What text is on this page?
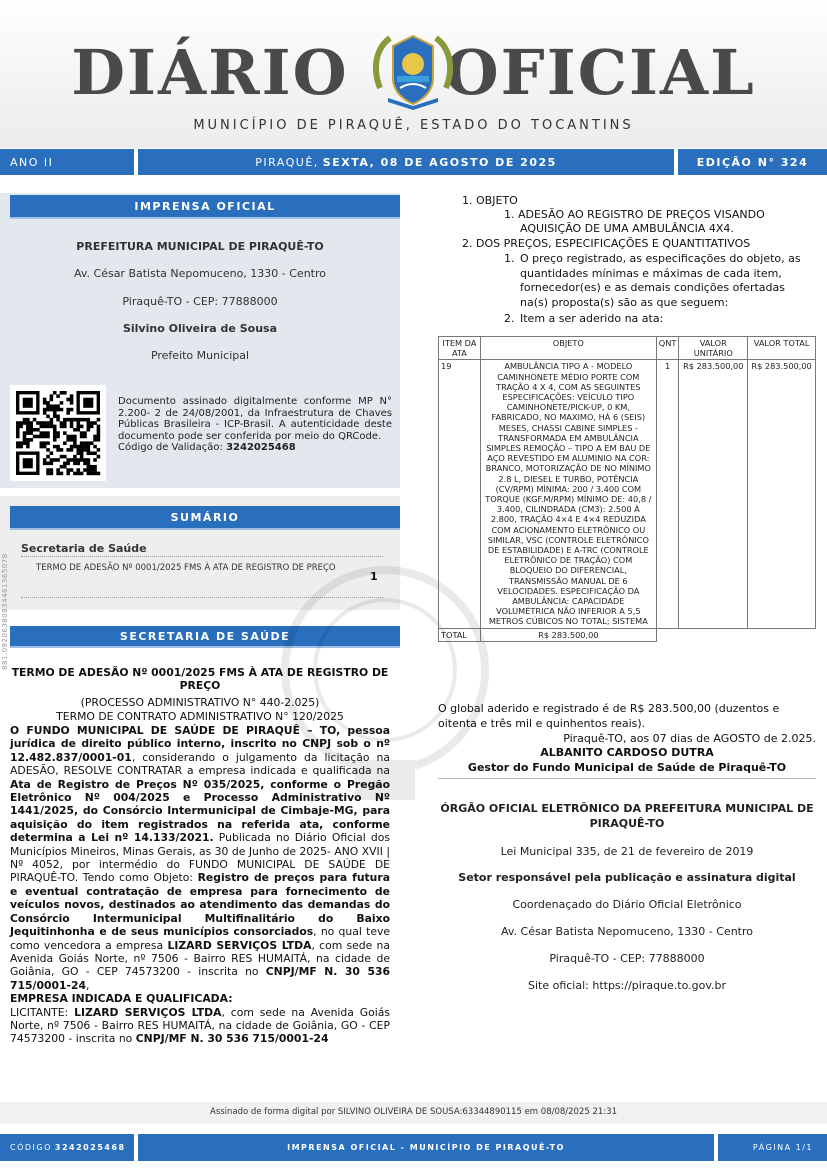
DIÁRIO OFICIAL
MUNICÍPIO DE PIRAQUÊ, ESTADO DO TOCANTINS
ANO II	PIRAQUÊ, SEXTA, 08 DE AGOSTO DE 2025	EDIÇÃO N° 324
IMPRENSA OFICIAL
PREFEITURA MUNICIPAL DE PIRAQUÊ-TO
Av. César Batista Nepomuceno, 1330 - Centro
Piraquê-TO - CEP: 77888000
Silvino Oliveira de Sousa
Prefeito Municipal
Documento assinado digitalmente conforme MP N° 2.200- 2 de 24/08/2001, da Infraestrutura de Chaves Públicas Brasileira - ICP-Brasil. A autenticidade deste documento pode ser conferida por meio do QRCode.
Código de Validação: 3242025468
SUMÁRIO
Secretaria de Saúde
TERMO DE ADESÃO Nº 0001/2025 FMS À ATA DE REGISTRO DE PREÇO
1
881.09206380834461365078	SECRETARIA DE SAÚDE
TERMO DE ADESÃO Nº 0001/2025 FMS À ATA DE REGISTRO DE PREÇO
(PROCESSO ADMINISTRATIVO N° 440-2.025)
TERMO DE CONTRATO ADMINISTRATIVO N° 120/2025
O FUNDO MUNICIPAL DE SAÚDE DE PIRAQUÊ – TO, pessoa jurídica de direito público interno, inscrito no CNPJ sob o nº 12.482.837/0001-01, considerando o julgamento da licitação na ADESÃO, RESOLVE CONTRATAR a empresa indicada e qualificada na Ata de Registro de Preços Nº 035/2025, conforme o Pregão Eletrônico Nº 004/2025 e Processo Administrativo Nº 1441/2025, do Consórcio Intermunicipal de Cimbaje-MG, para aquisição do item registrados na referida ata, conforme determina a Lei nº 14.133/2021. Publicada no Diário Oficial dos Municípios Mineiros, Minas Gerais, as 30 de Junho de 2025- ANO XVII | Nº 4052, por intermédio do FUNDO MUNICIPAL DE SAÚDE DE PIRAQUÊ-TO. Tendo como Objeto: Registro de preços para futura e eventual contratação de empresa para fornecimento de veículos novos, destinados ao atendimento das demandas do Consórcio Intermunicipal Multifinalitário do Baixo Jequitinhonha e de seus municípios consorciados, no qual teve como vencedora a empresa LIZARD SERVIÇOS LTDA, com sede na Avenida Goiás Norte, nº 7506 - Bairro RES HUMAITÁ, na cidade de Goiânia, GO - CEP 74573200 - inscrita no CNPJ/MF N. 30 536 715/0001-24,
EMPRESA INDICADA E QUALIFICADA:
LICITANTE: LIZARD SERVIÇOS LTDA, com sede na Avenida Goiás Norte, nº 7506 - Bairro RES HUMAITÁ, na cidade de Goiânia, GO - CEP 74573200 - inscrita no CNPJ/MF N. 30 536 715/0001-24
1. OBJETO
1. ADESÃO AO REGISTRO DE PREÇOS VISANDO
AQUISIÇÃO DE UMA AMBULÂNCIA 4X4.
2. DOS PREÇOS, ESPECIFICAÇÕES E QUANTITATIVOS
1. O preço registrado, as especificações do objeto, as quantidades mínimas e máximas de cada item, fornecedor(es) e as demais condições ofertadas na(s) proposta(s) são as que seguem:
2. Item a ser aderido na ata:
ITEM DA ATA	OBJETO	QNT	VALOR UNITÁRIO	VALOR TOTAL
19	AMBULÂNCIA TIPO A - MODELO CAMINHONETE MÉDIO PORTE COM TRAÇÃO 4 X 4, COM AS SEGUINTES ESPECIFICAÇÕES: VEÍCULO TIPO CAMINHONETE/PICK-UP, 0 KM, FABRICADO, NO MAXIMO, HÁ 6 (SEIS) MESES, CHASSI CABINE SIMPLES - TRANSFORMADA EM AMBULÂNCIA SIMPLES REMOÇÃO – TIPO A EM BAU DE AÇO REVESTIDO EM ALUMINIO NA COR: BRANCO, MOTORIZAÇÃO DE NO MÍNIMO 2.8 L, DIESEL E TURBO, POTÊNCIA (CV/RPM) MÍNIMA: 200 / 3.400 COM TORQUE (KGF.M/RPM) MÍNIMO DE: 40,8 / 3.400, CILINDRADA (CM3): 2.500 À 2.800, TRAÇÃO 4×4 E 4×4 REDUZIDA COM ACIONAMENTO ELETRÔNICO OU SIMILAR, VSC (CONTROLE ELETRÔNICO DE ESTABILIDADE) E A-TRC (CONTROLE ELETRÔNICO DE TRAÇÃO) COM BLOQUEIO DO DIFERENCIAL, TRANSMISSÃO MANUAL DE 6 VELOCIDADES. ESPECIFICAÇÃO DA AMBULÂNCIA: CAPACIDADE VOLUMÉTRICA NÃO INFERIOR A 5,5 METROS CÚBICOS NO TOTAL; SISTEMA	1	R$ 283.500,00	R$ 283.500,00
TOTAL	R$ 283.500,00			
O global aderido e registrado é de R$ 283.500,00 (duzentos e oitenta e três mil e quinhentos reais).
Piraquê-TO, aos 07 dias de AGOSTO de 2.025.
ALBANITO CARDOSO DUTRA
Gestor do Fundo Municipal de Saúde de Piraquê-TO
ÓRGÃO OFICIAL ELETRÔNICO DA PREFEITURA MUNICIPAL DE PIRAQUÊ-TO
Lei Municipal 335, de 21 de fevereiro de 2019
Setor responsável pela publicação e assinatura digital
Coordenaçado do Diário Oficial Eletrônico
Av. César Batista Nepomuceno, 1330 - Centro
Piraquê-TO - CEP: 77888000
Site oficial: https://piraque.to.gov.br
Assinado de forma digital por SILVINO OLIVEIRA DE SOUSA:63344890115 em 08/08/2025 21:31
CÓDIGO 3242025468	IMPRENSA OFICIAL - MUNICÍPIO DE PIRAQUÊ-TO	PÁGINA 1/1
